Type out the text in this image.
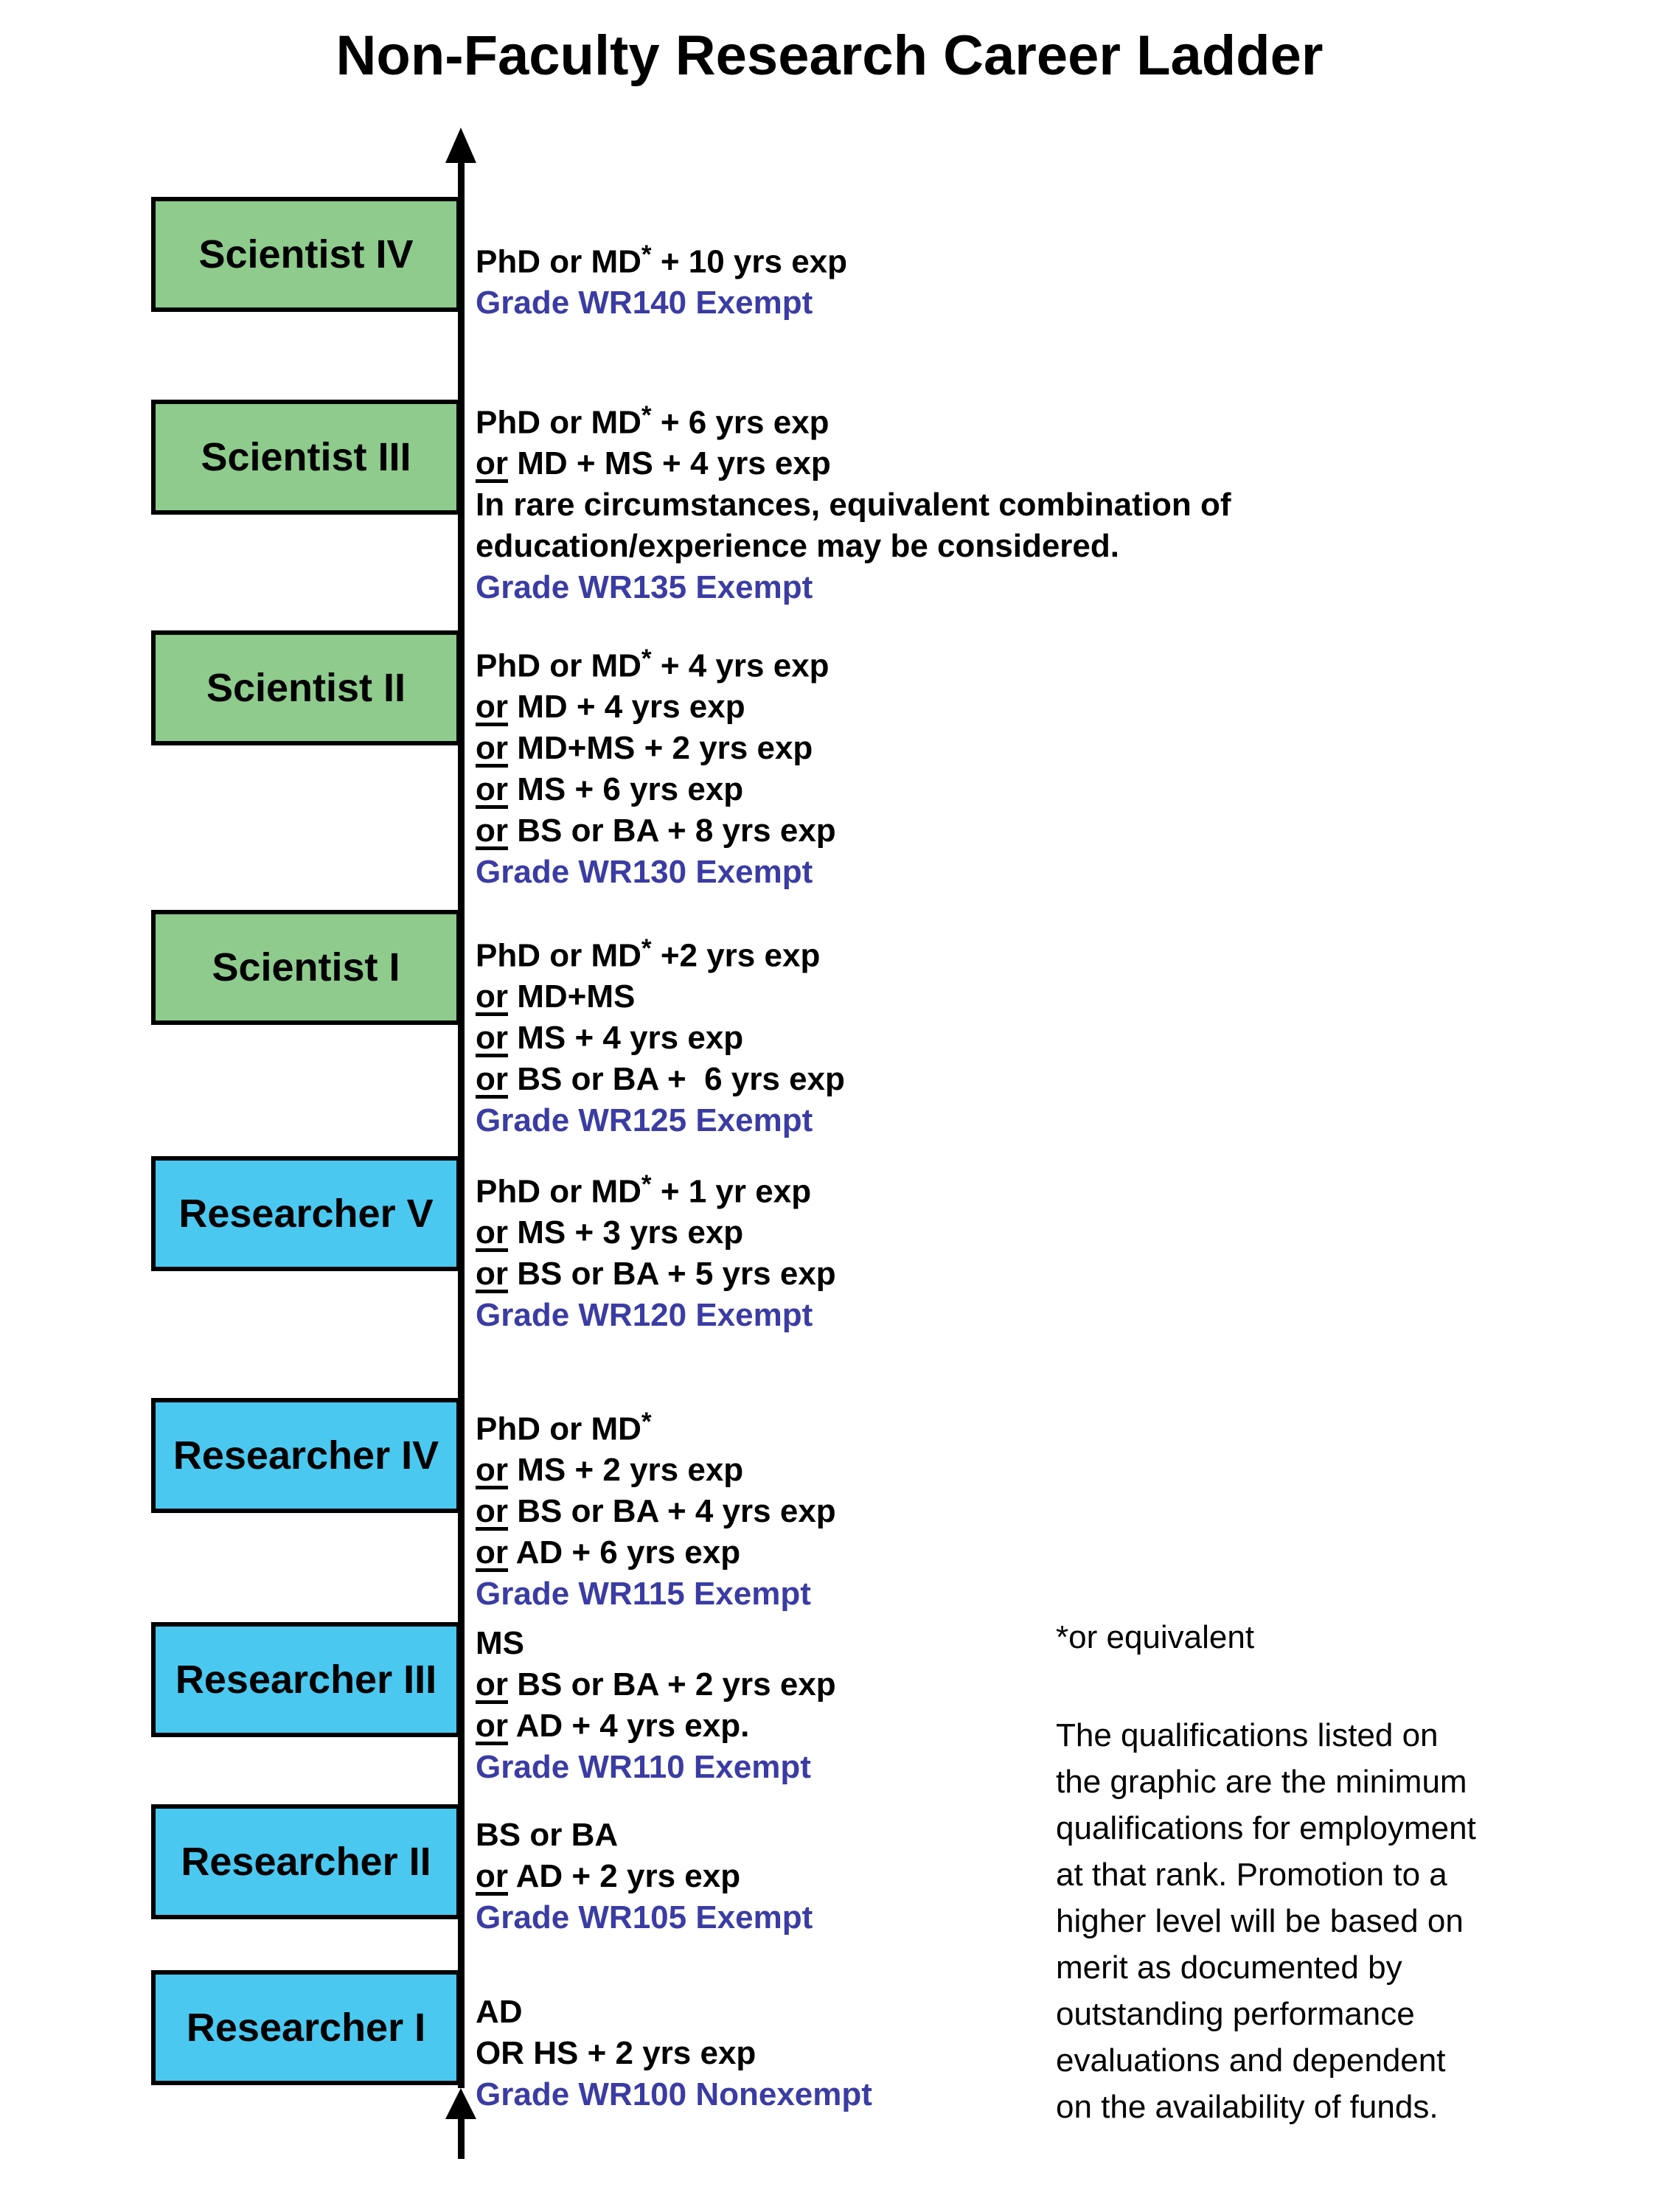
Non-Faculty Research Career Ladder
Scientist IV PhD or MD* + 10 yrs exp
Grade WR140 Exempt
Scientist III
PhD or MD* + 6 yrs exp
or MD + MS + 4 yrs exp
In rare circumstances, equivalent combination of
education/experience may be considered.
Grade WR135 Exempt
Scientist II
PhD or MD* + 4 yrs exp
or MD + 4 yrs exp
or MD+MS + 2 yrs exp
or MS + 6 yrs exp
or BS or BA + 8 yrs exp
Grade WR130 Exempt
Scientist I PhD or MD* +2 yrs exp
or MD+MS
or MS + 4 yrs exp
or BS or BA +  6 yrs exp
Grade WR125 Exempt
Researcher V
PhD or MD* + 1 yr exp
or MS + 3 yrs exp
or BS or BA + 5 yrs exp
Grade WR120 Exempt
Researcher IV
PhD or MD*
or MS + 2 yrs exp
or BS or BA + 4 yrs exp
or AD + 6 yrs exp
Grade WR115 Exempt
Researcher III
MS
or BS or BA + 2 yrs exp
or AD + 4 yrs exp.
Grade WR110 Exempt
Researcher II
BS or BA
or AD + 2 yrs exp
Grade WR105 Exempt
Researcher I AD
OR HS + 2 yrs exp
Grade WR100 Nonexempt
*or equivalent
The qualifications listed on
the graphic are the minimum
qualifications for employment
at that rank. Promotion to a
higher level will be based on
merit as documented by
outstanding performance
evaluations and dependent
on the availability of funds.
